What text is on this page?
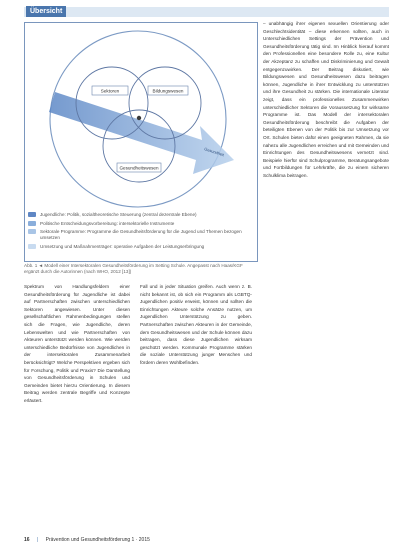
Übersicht
Sektoren	Bildungswesen
Gesundheitswesen
Gesundheit
Jugendliche: Politik, sozialtheoretische Steuerung (zentral dezentrale Ebene)
Politische Entscheidungsvorbereitung: intersektorielle Instrumente
Sektorale Programme: Programme die Gesundheitsförderung für die Jugend und Themen bezogen umsetzen
Umsetzung und Maßnahmenträger: operative Aufgaben der Leistungserbringung
Abb. 1 ◄ Modell einer Intersektoralen Gesundheitsförderung im Setting Schule. Angepasst nach Haas/KGF ergänzt durch die Autorinnen (nach WHO, 2012 [13])

Spektrum von Handlungsfeldern einer Gesundheitsförderung für Jugendliche ist dabei auf Partnerschaften zwischen unterschiedlichen Sektoren angewiesen. Unter diesen gesellschaftlichen Rahmenbedingungen stellen sich die Fragen, wie Jugendliche, deren Lebenswelten und wie Partnerschaften von Akteuren unterstützt werden können. Wie werden unterschiedliche Bedürfnisse von Jugendlichen in der intersektoralen Zusammenarbeit berücksichtigt? Welche Perspektiven ergeben sich für Forschung, Politik und Praxis? Die Darstellung von Gesundheitsförderung in Schulen und Gemeinden bietet hierzu Orientierung. In diesem Beitrag werden zentrale Begriffe und Konzepte erläutert.

Fall und in jeder Situation greifen. Auch wenn z. B. nicht bekannt ist, ob sich ein Programm als LGBTQ-Jugendlichen positiv erweist, können und sollten die Einrichtungen Akteure solche Ansätze nutzen, um Jugendlichen Unterstützung zu geben. Partnerschaften zwischen Akteuren in der Gemeinde, dem Gesundheitswesen und der Schule können dazu beitragen, dass diese Jugendlichen wirksam geschützt werden. Kommunale Programme stärken die soziale Unterstützung junger Menschen und fördern deren Wohlbefinden.

– unabhängig ihrer eigenen sexuellen Orientierung oder Geschlechtsidentität – diese erkennen sollten, auch in Unterschiedlichen Settings der Prävention und Gesundheitsförderung tätig sind. Im Hinblick hierauf kommt den Professionellen eine besondere Rolle zu, eine Kultur der Akzeptanz zu schaffen und Diskriminierung und Gewalt entgegenzuwirken. Der Beitrag diskutiert, wie Bildungswesen und Gesundheitswesen dazu beitragen können, Jugendliche in ihrer Entwicklung zu unterstützen und ihre Gesundheit zu stärken. Die internationale Literatur zeigt, dass ein professionelles Zusammenwirken unterschiedlicher Sektoren die Voraussetzung für wirksame Programme ist. Das Modell der intersektoralen Gesundheitsförderung beschreibt die Aufgaben der beteiligten Ebenen von der Politik bis zur Umsetzung vor Ort. Schulen bieten dafür einen geeigneten Rahmen, da sie nahezu alle Jugendlichen erreichen und mit Gemeinden und Einrichtungen des Gesundheitswesens vernetzt sind. Beispiele hierfür sind Schulprogramme, Beratungsangebote und Fortbildungen für Lehrkräfte, die zu einem sicheren Schulklima beitragen.

16 | Prävention und Gesundheitsförderung 1 · 2015
